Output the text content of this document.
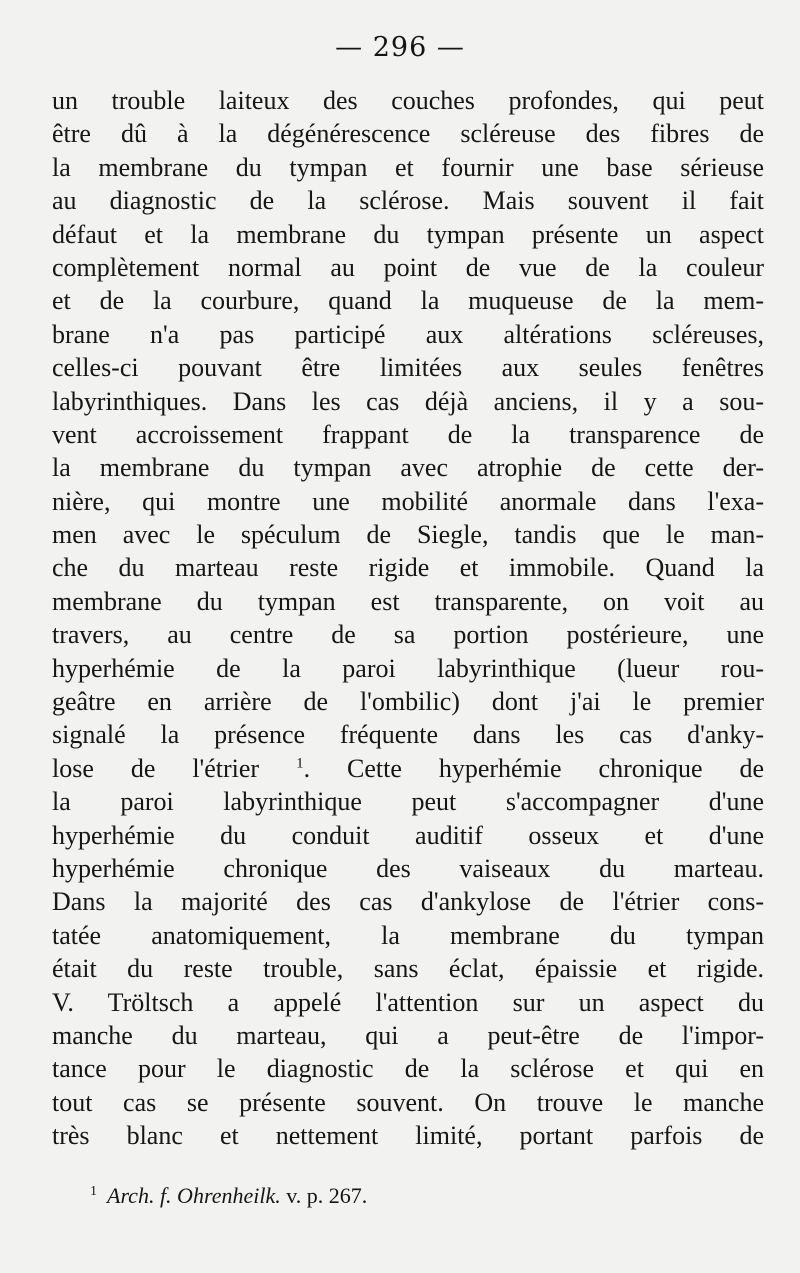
— 296 —
un trouble laiteux des couches profondes, qui peut
être dû à la dégénérescence scléreuse des fibres de
la membrane du tympan et fournir une base sérieuse
au diagnostic de la sclérose. Mais souvent il fait
défaut et la membrane du tympan présente un aspect
complètement normal au point de vue de la couleur
et de la courbure, quand la muqueuse de la mem-
brane n'a pas participé aux altérations scléreuses,
celles-ci pouvant être limitées aux seules fenêtres
labyrinthiques. Dans les cas déjà anciens, il y a sou-
vent accroissement frappant de la transparence de
la membrane du tympan avec atrophie de cette der-
nière, qui montre une mobilité anormale dans l'exa-
men avec le spéculum de Siegle, tandis que le man-
che du marteau reste rigide et immobile. Quand la
membrane du tympan est transparente, on voit au
travers, au centre de sa portion postérieure, une
hyperhémie de la paroi labyrinthique (lueur rou-
geâtre en arrière de l'ombilic) dont j'ai le premier
signalé la présence fréquente dans les cas d'anky-
lose de l'étrier $^1$. Cette hyperhémie chronique de
la paroi labyrinthique peut s'accompagner d'une
hyperhémie du conduit auditif osseux et d'une
hyperhémie chronique des vaiseaux du marteau.
Dans la majorité des cas d'ankylose de l'étrier cons-
tatée anatomiquement, la membrane du tympan
était du reste trouble, sans éclat, épaissie et rigide.
V. Tröltsch a appelé l'attention sur un aspect du
manche du marteau, qui a peut-être de l'impor-
tance pour le diagnostic de la sclérose et qui en
tout cas se présente souvent. On trouve le manche
très blanc et nettement limité, portant parfois de
$^1$ Arch. f. Ohrenheilk. v. p. 267.
